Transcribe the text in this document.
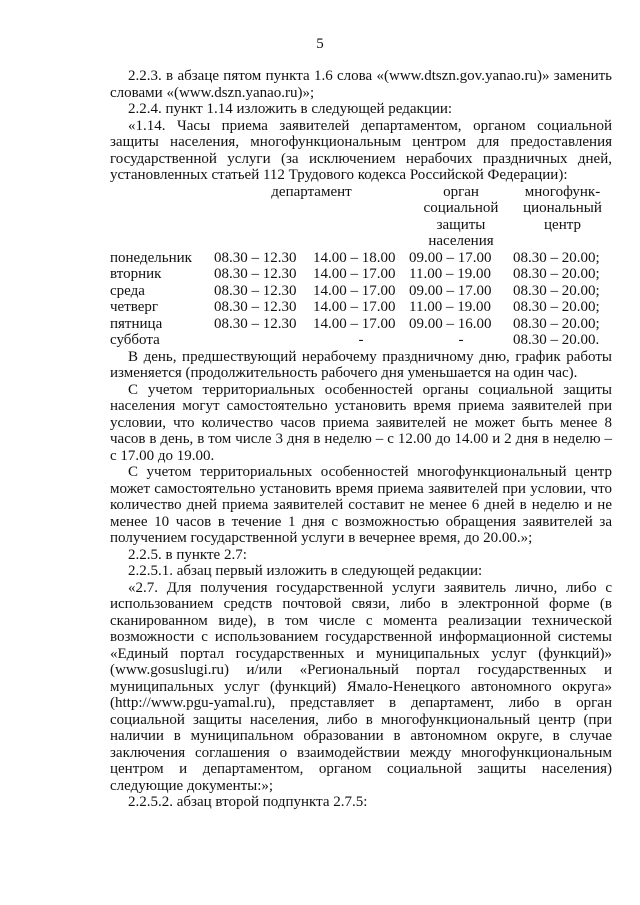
5

2.2.3. в абзаце пятом пункта 1.6 слова «(www.dtszn.gov.yanao.ru)» заменить словами «(www.dszn.yanao.ru)»;

2.2.4. пункт 1.14 изложить в следующей редакции:

«1.14. Часы приема заявителей департаментом, органом социальной защиты населения, многофункциональным центром для предоставления государственной услуги (за исключением нерабочих праздничных дней, установленных статьей 112 Трудового кодекса Российской Федерации):

	департамент		орган социальной защиты населения	многофунк-циональный центр
понедельник	08.30 – 12.30	14.00 – 18.00	09.00 – 17.00	08.30 – 20.00;
вторник	08.30 – 12.30	14.00 – 17.00	11.00 – 19.00	08.30 – 20.00;
среда	08.30 – 12.30	14.00 – 17.00	09.00 – 17.00	08.30 – 20.00;
четверг	08.30 – 12.30	14.00 – 17.00	11.00 – 19.00	08.30 – 20.00;
пятница	08.30 – 12.30	14.00 – 17.00	09.00 – 16.00	08.30 – 20.00;
суббота		-	-	08.30 – 20.00.

В день, предшествующий нерабочему праздничному дню, график работы изменяется (продолжительность рабочего дня уменьшается на один час).

С учетом территориальных особенностей органы социальной защиты населения могут самостоятельно установить время приема заявителей при условии, что количество часов приема заявителей не может быть менее 8 часов в день, в том числе 3 дня в неделю – с 12.00 до 14.00 и 2 дня в неделю – с 17.00 до 19.00.

С учетом территориальных особенностей многофункциональный центр может самостоятельно установить время приема заявителей при условии, что количество дней приема заявителей составит не менее 6 дней в неделю и не менее 10 часов в течение 1 дня с возможностью обращения заявителей за получением государственной услуги в вечернее время, до 20.00.»;

2.2.5. в пункте 2.7:

2.2.5.1. абзац первый изложить в следующей редакции:

«2.7. Для получения государственной услуги заявитель лично, либо с использованием средств почтовой связи, либо в электронной форме (в сканированном виде), в том числе с момента реализации технической возможности с использованием государственной информационной системы «Единый портал государственных и муниципальных услуг (функций)» (www.gosuslugi.ru) и/или «Региональный портал государственных и муниципальных услуг (функций) Ямало-Ненецкого автономного округа» (http://www.pgu-yamal.ru), представляет в департамент, либо в орган социальной защиты населения, либо в многофункциональный центр (при наличии в муниципальном образовании в автономном округе, в случае заключения соглашения о взаимодействии между многофункциональным центром и департаментом, органом социальной защиты населения) следующие документы:»;

2.2.5.2. абзац второй подпункта 2.7.5:
